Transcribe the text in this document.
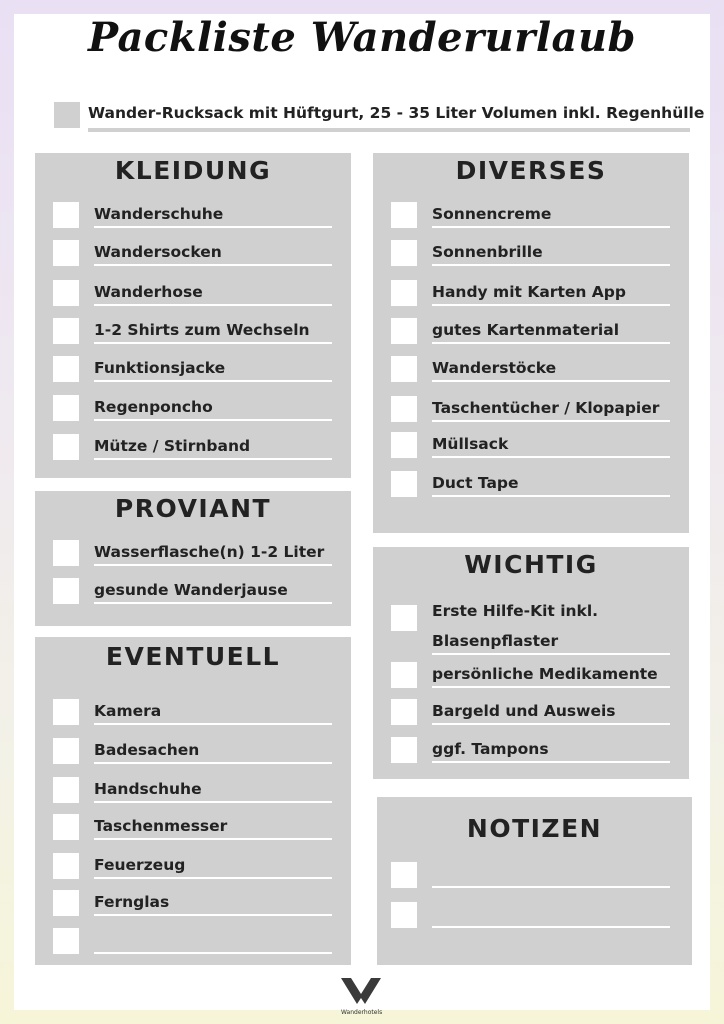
Packliste Wanderurlaub
Wander-Rucksack mit Hüftgurt, 25 - 35 Liter Volumen inkl. Regenhülle
KLEIDUNG
Wanderschuhe
Wandersocken
Wanderhose
1-2 Shirts zum Wechseln
Funktionsjacke
Regenponcho
Mütze / Stirnband
PROVIANT
Wasserflasche(n) 1-2 Liter
gesunde Wanderjause
EVENTUELL
Kamera
Badesachen
Handschuhe
Taschenmesser
Feuerzeug
Fernglas
DIVERSES
Sonnencreme
Sonnenbrille
Handy mit Karten App
gutes Kartenmaterial
Wanderstöcke
Taschentücher / Klopapier
Müllsack
Duct Tape
WICHTIG
Erste Hilfe-Kit inkl.
Blasenpflaster
persönliche Medikamente
Bargeld und Ausweis
ggf. Tampons
NOTIZEN
Wanderhotels
